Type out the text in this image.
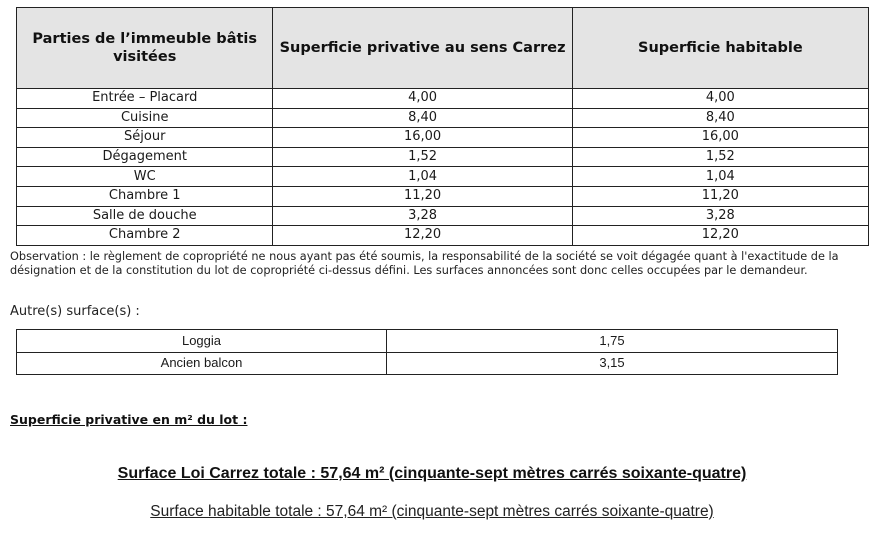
Parties de l’immeuble bâtis visitées	Superficie privative au sens Carrez	Superficie habitable
Entrée – Placard	4,00	4,00
Cuisine	8,40	8,40
Séjour	16,00	16,00
Dégagement	1,52	1,52
WC	1,04	1,04
Chambre 1	11,20	11,20
Salle de douche	3,28	3,28
Chambre 2	12,20	12,20
Observation : le règlement de copropriété ne nous ayant pas été soumis, la responsabilité de la société se voit dégagée quant à l'exactitude de la désignation et de la constitution du lot de copropriété ci-dessus défini. Les surfaces annoncées sont donc celles occupées par le demandeur.
Autre(s) surface(s) :
Loggia	1,75
Ancien balcon	3,15
Superficie privative en m² du lot :
Surface Loi Carrez totale : 57,64 m² (cinquante-sept mètres carrés soixante-quatre)
Surface habitable totale : 57,64 m² (cinquante-sept mètres carrés soixante-quatre)
